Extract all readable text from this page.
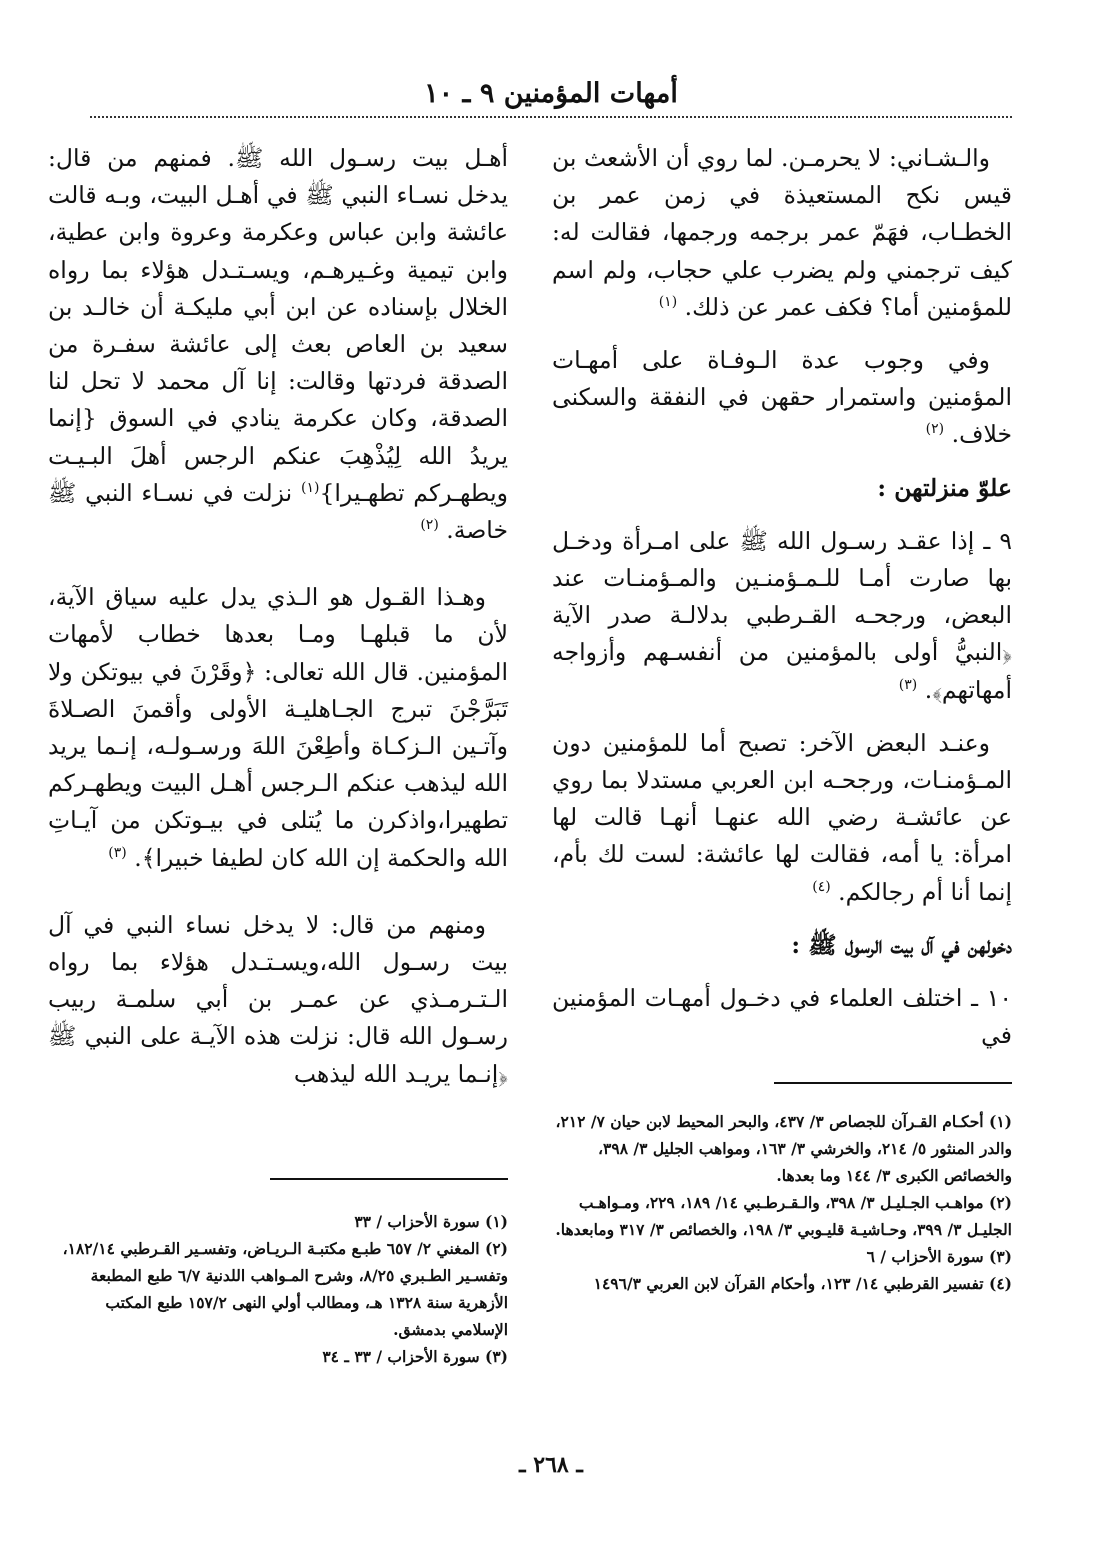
أمهات المؤمنين ٩ ـ ١٠

والـشـاني: لا يحرمـن. لما روي أن الأشعث بن قيس نكح المستعيذة في زمن عمر بن الخطـاب، فهَمّ عمر برجمه ورجمها، فقالت له: كيف ترجمني ولم يضرب علي حجاب، ولم اسم للمؤمنين أما؟ فكف عمر عن ذلك. $^{(١)}$

وفي وجوب عدة الـوفـاة على أمهـات المؤمنين واستمرار حقهن في النفقة والسكنى خلاف. $^{(٢)}$

علوّ منزلتهن :

٩ ـ إذا عقـد رسـول الله ﷺ على امـرأة ودخـل بها صارت أمـا للـمـؤمنـين والمـؤمنـات عند البعض، ورجحـه القـرطبي بدلالـة صدر الآية ﴿النبيُّ أولى بالمؤمنين من أنفسـهم وأزواجه أمهاتهم﴾. $^{(٣)}$

وعنـد البعض الآخر: تصبح أما للمؤمنين دون المـؤمنـات، ورجحـه ابن العربي مستدلا بما روي عن عائشـة رضي الله عنهـا أنهـا قالت لها امرأة: يا أمه، فقالت لها عائشة: لست لك بأم، إنما أنا أم رجالكم. $^{(٤)}$

دخولهن في آل بيت الرسول ﷺ :

١٠ ـ اختلف العلماء في دخـول أمهـات المؤمنين في

أهـل بيت رسـول الله ﷺ. فمنهم من قال: يدخل نسـاء النبي ﷺ في أهـل البيت، وبـه قالت عائشة وابن عباس وعكرمة وعروة وابن عطية، وابن تيمية وغـيرهـم، ويسـتـدل هؤلاء بما رواه الخلال بإسناده عن ابن أبي مليكـة أن خالـد بن سعيد بن العاص بعث إلى عائشة سفـرة من الصدقة فردتها وقالت: إنا آل محمد لا تحل لنا الصدقة، وكان عكرمة ينادي في السوق {إنما يريدُ الله لِيُذْهِبَ عنكم الرجس أهلَ البـيـت ويطهـركم تطهـيرا}$^{(١)}$ نزلت في نسـاء النبي ﷺ خاصة. $^{(٢)}$

وهـذا القـول هو الـذي يدل عليه سياق الآية، لأن ما قبلهـا ومـا بعدها خطاب لأمهات المؤمنين. قال الله تعالى: ﴿وقَرْنَ في بيوتكن ولا تَبَرَّجْنَ تبرج الجـاهليـة الأولى وأقمنَ الصـلاةَ وآتـين الـزكـاة وأطِعْنَ اللهَ ورسـولـه، إنـما يريد الله ليذهب عنكم الـرجس أهـل البيت ويطهـركم تطهيرا،واذكرن ما يُتلى في بيـوتكن من آيـاتِ الله والحكمة إن الله كان لطيفا خبيرا﴾. $^{(٣)}$

ومنهم من قال: لا يدخل نساء النبي في آل بيت رسـول الله،ويسـتـدل هؤلاء بما رواه الـتـرمـذي عن عمـر بن أبي سلمـة ربيب رسـول الله قال: نزلت هذه الآيـة على النبي ﷺ ﴿إنـما يريـد الله ليذهب

(١) أحكـام القـرآن للجصاص ٣/ ٤٣٧، والبحر المحيط لابن حيان ٧/ ٢١٢، والدر المنثور ٥/ ٢١٤، والخرشي ٣/ ١٦٣، ومواهب الجليل ٣/ ٣٩٨، والخصائص الكبرى ٣/ ١٤٤ وما بعدها.

(٢) مواهـب الجـليـل ٣/ ٣٩٨، والـقـرطـبي ١٤/ ١٨٩، ٢٢٩، ومـواهـب الجليـل ٣/ ٣٩٩، وحـاشيـة قليـوبي ٣/ ١٩٨، والخصائص ٣/ ٣١٧ ومابعدها.

(٣) سورة الأحزاب / ٦

(٤) تفسير القرطبي ١٤/ ١٢٣، وأحكام القرآن لابن العربي ١٤٩٦/٣

(١) سورة الأحزاب / ٣٣

(٢) المغني ٢/ ٦٥٧ طبـع مكتبـة الـريـاض، وتفسـير القـرطبي ١٨٢/١٤، وتفسـير الطـبري ٨/٢٥، وشرح المـواهب اللدنية ٦/٧ طبع المطبعة الأزهرية سنة ١٣٢٨ هـ، ومطالب أولي النهى ١٥٧/٢ طبع المكتب الإسلامي بدمشق.

(٣) سورة الأحزاب / ٣٣ ـ ٣٤

ـ ٢٦٨ ـ
